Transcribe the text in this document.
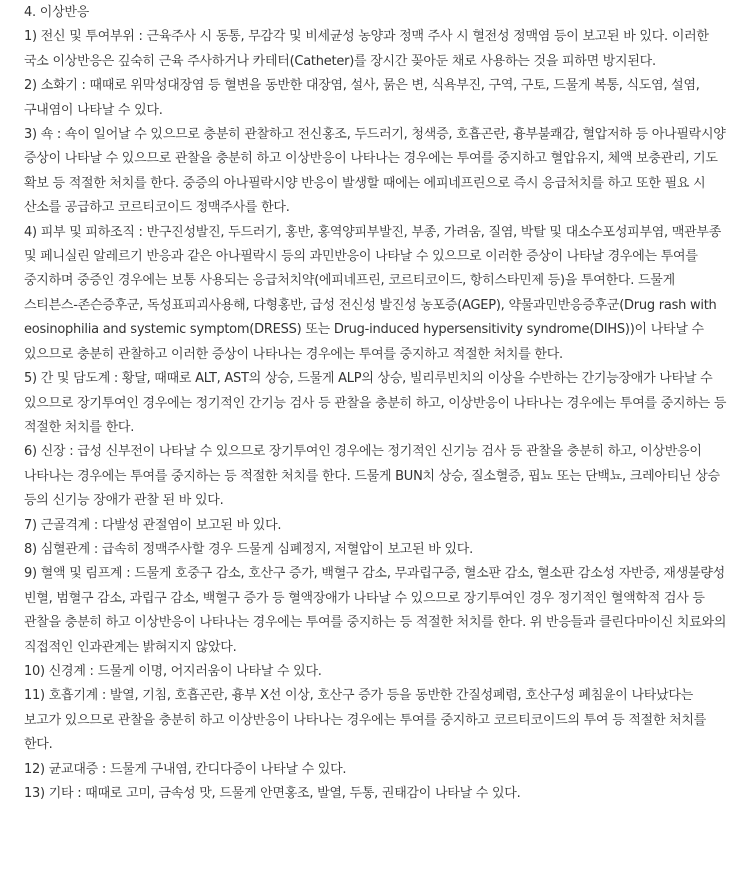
4. 이상반응

1) 전신 및 투여부위 : 근육주사 시 동통, 무감각 및 비세균성 농양과 정맥 주사 시 혈전성 정맥염 등이 보고된 바 있다. 이러한 국소 이상반응은 깊숙히 근육 주사하거나 카테터(Catheter)를 장시간 꽂아둔 채로 사용하는 것을 피하면 방지된다.

2) 소화기 : 때때로 위막성대장염 등 혈변을 동반한 대장염, 설사, 묽은 변, 식욕부진, 구역, 구토, 드물게 복통, 식도염, 설염, 구내염이 나타날 수 있다.

3) 쇽 : 쇽이 일어날 수 있으므로 충분히 관찰하고 전신홍조, 두드러기, 청색증, 호흡곤란, 흉부불쾌감, 혈압저하 등 아나필락시양 증상이 나타날 수 있으므로 관찰을 충분히 하고 이상반응이 나타나는 경우에는 투여를 중지하고 혈압유지, 체액 보충관리, 기도 확보 등 적절한 처치를 한다. 중증의 아나필락시양 반응이 발생할 때에는 에피네프린으로 즉시 응급처치를 하고 또한 필요 시 산소를 공급하고 코르티코이드 정맥주사를 한다.

4) 피부 및 피하조직 : 반구진성발진, 두드러기, 홍반, 홍역양피부발진, 부종, 가려움, 질염, 박탈 및 대소수포성피부염, 맥관부종 및 페니실린 알레르기 반응과 같은 아나필락시 등의 과민반응이 나타날 수 있으므로 이러한 증상이 나타날 경우에는 투여를 중지하며 중증인 경우에는 보통 사용되는 응급처치약(에피네프린, 코르티코이드, 항히스타민제 등)을 투여한다. 드물게 스티븐스-존슨증후군, 독성표피괴사용해, 다형홍반, 급성 전신성 발진성 농포증(AGEP), 약물과민반응증후군(Drug rash with eosinophilia and systemic symptom(DRESS) 또는 Drug-induced hypersensitivity syndrome(DIHS))이 나타날 수 있으므로 충분히 관찰하고 이러한 증상이 나타나는 경우에는 투여를 중지하고 적절한 처치를 한다.

5) 간 및 담도계 : 황달, 때때로 ALT, AST의 상승, 드물게 ALP의 상승, 빌리루빈치의 이상을 수반하는 간기능장애가 나타날 수 있으므로 장기투여인 경우에는 정기적인 간기능 검사 등 관찰을 충분히 하고, 이상반응이 나타나는 경우에는 투여를 중지하는 등 적절한 처치를 한다.

6) 신장 : 급성 신부전이 나타날 수 있으므로 장기투여인 경우에는 정기적인 신기능 검사 등 관찰을 충분히 하고, 이상반응이 나타나는 경우에는 투여를 중지하는 등 적절한 처치를 한다. 드물게 BUN치 상승, 질소혈증, 핍뇨 또는 단백뇨, 크레아티닌 상승 등의 신기능 장애가 관찰 된 바 있다.

7) 근골격계 : 다발성 관절염이 보고된 바 있다.

8) 심혈관계 : 급속히 정맥주사할 경우 드물게 심폐정지, 저혈압이 보고된 바 있다.

9) 혈액 및 림프계 : 드물게 호중구 감소, 호산구 증가, 백혈구 감소, 무과립구증, 혈소판 감소, 혈소판 감소성 자반증, 재생불량성 빈혈, 범혈구 감소, 과립구 감소, 백혈구 증가 등 혈액장애가 나타날 수 있으므로 장기투여인 경우 정기적인 혈액학적 검사 등 관찰을 충분히 하고 이상반응이 나타나는 경우에는 투여를 중지하는 등 적절한 처치를 한다. 위 반응들과 클린다마이신 치료와의 직접적인 인과관계는 밝혀지지 않았다.

10) 신경계 : 드물게 이명, 어지러움이 나타날 수 있다.

11) 호흡기계 : 발열, 기침, 호흡곤란, 흉부 X선 이상, 호산구 증가 등을 동반한 간질성폐렴, 호산구성 폐침윤이 나타났다는 보고가 있으므로 관찰을 충분히 하고 이상반응이 나타나는 경우에는 투여를 중지하고 코르티코이드의 투여 등 적절한 처치를 한다.

12) 균교대증 : 드물게 구내염, 칸디다증이 나타날 수 있다.

13) 기타 : 때때로 고미, 금속성 맛, 드물게 안면홍조, 발열, 두통, 권태감이 나타날 수 있다.
